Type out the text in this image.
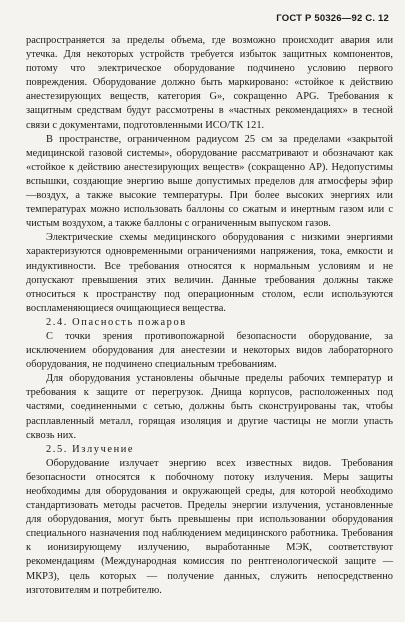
ГОСТ Р 50326—92 С. 12

распространяется за пределы объема, где возможно происходит авария или утечка. Для некоторых устройств требуется избыток защитных компонентов, потому что электрическое оборудование подчинено условию первого повреждения. Оборудование должно быть маркировано: «стойкое к действию анестезирующих веществ, категория G», сокращенно APG. Требования к защитным средствам будут рассмотрены в «частных рекомендациях» в тесной связи с документами, подготовленными ИСО/ТК 121.

В пространстве, ограниченном радиусом 25 см за пределами «закрытой медицинской газовой системы», оборудование рассматривают и обозначают как «стойкое к действию анестезирующих веществ» (сокращенно АР). Недопустимы вспышки, создающие энергию выше допустимых пределов для атмосферы эфир—воздух, а также высокие температуры. При более высоких энергиях или температурах можно использовать баллоны со сжатым и инертным газом или с чистым воздухом, а также баллоны с ограниченным выпуском газов.

Электрические схемы медицинского оборудования с низкими энергиями характеризуются одновременными ограничениями напряжения, тока, емкости и индуктивности. Все требования относятся к нормальным условиям и не допускают превышения этих величин. Данные требования должны также относиться к пространству под операционным столом, если используются воспламеняющиеся очищающиеся вещества.

2.4. Опасность пожаров

С точки зрения противопожарной безопасности оборудование, за исключением оборудования для анестезии и некоторых видов лабораторного оборудования, не подчинено специальным требованиям.

Для оборудования установлены обычные пределы рабочих температур и требования к защите от перегрузок. Днища корпусов, расположенных под частями, соединенными с сетью, должны быть сконструированы так, чтобы расплавленный металл, горящая изоляция и другие частицы не могли упасть сквозь них.

2.5. Излучение

Оборудование излучает энергию всех известных видов. Требования безопасности относятся к побочному потоку излучения. Меры защиты необходимы для оборудования и окружающей среды, для которой необходимо стандартизовать методы расчетов. Пределы энергии излучения, установленные для оборудования, могут быть превышены при использовании оборудования специального назначения под наблюдением медицинского работника. Требования к ионизирующему излучению, выработанные МЭК, соответствуют рекомендациям (Международная комиссия по рентгенологической защите — МКРЗ), цель которых — получение данных, служить непосредственно изготовителям и потребителю.
